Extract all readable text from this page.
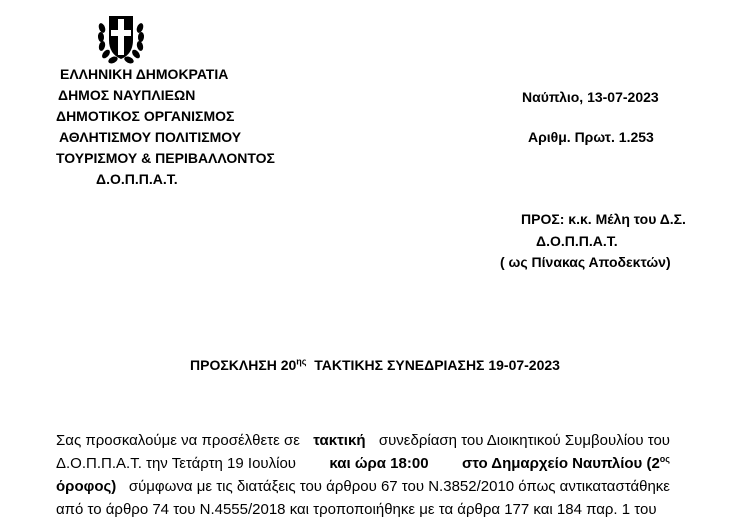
ΕΛΛΗΝΙΚΗ ΔΗΜΟΚΡΑΤΙΑ
ΔΗΜΟΣ ΝΑΥΠΛΙΕΩΝ
ΔΗΜΟΤΙΚΟΣ ΟΡΓΑΝΙΣΜΟΣ
ΑΘΛΗΤΙΣΜΟΥ ΠΟΛΙΤΙΣΜΟΥ
ΤΟΥΡΙΣΜΟΥ & ΠΕΡΙΒΑΛΛΟΝΤΟΣ
Δ.Ο.Π.Π.Α.Τ.
Ναύπλιο, 13-07-2023
Αριθμ. Πρωτ. 1.253
ΠΡΟΣ: κ.κ. Μέλη του Δ.Σ.
Δ.Ο.Π.Π.Α.Τ.
( ως Πίνακας Αποδεκτών)
ΠΡΟΣΚΛΗΣΗ $20^{\eta\varsigma}$ ΤΑΚΤΙΚΗΣ ΣΥΝΕΔΡΙΑΣΗΣ 19-07-2023
Σας προσκαλούμε να προσέλθετε σε τακτική συνεδρίαση του Διοικητικού Συμβουλίου του
Δ.Ο.Π.Π.Α.Τ. την Τετάρτη 19 Ιουλίου και ώρα 18:00 στο Δημαρχείο Ναυπλίου ($2^{o\varsigma}$
όροφος) σύμφωνα με τις διατάξεις του άρθρου 67 του Ν.3852/2010 όπως αντικαταστάθηκε
από το άρθρο 74 του Ν.4555/2018 και τροποποιήθηκε με τα άρθρα 177 και 184 παρ. 1 του
